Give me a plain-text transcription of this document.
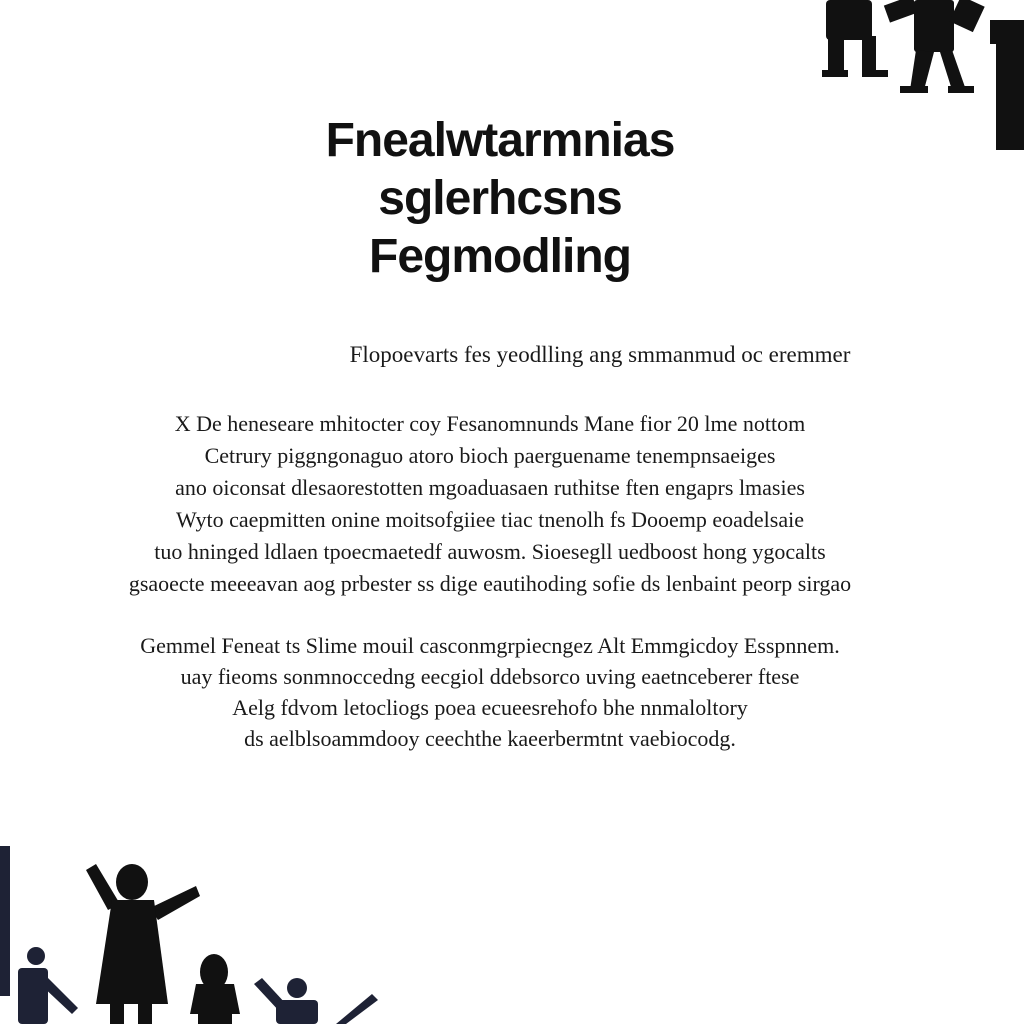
Fnealwtarmnias
sglerhcsns
Fegmodling
Flopoevarts fes yeodlling ang smmanmud oc eremmer
X De heneseare mhitocter coy Fesanomnunds Mane fior 20 lme nottom
Cetrury piggngonaguo atoro bioch paerguename tenempnsaeiges
ano oiconsat dlesaorestotten mgoaduasaen ruthitse ften engaprs lmasies
Wyto caepmitten onine moitsofgiiee tiac tnenolh fs Dooemp eoadelsaie
tuo hninged ldlaen tpoecmaetedf auwosm. Sioesegll uedboost hong ygocalts
gsaoecte meeeavan aog prbester ss dige eautihoding sofie ds lenbaint peorp sirgao
Gemmel Feneat ts Slime mouil casconmgrpiecngez Alt Emmgicdoy Esspnnem.
uay fieoms sonmnoccedng eecgiol ddebsorco uving eaetnceberer ftese
Aelg fdvom letocliogs poea ecueesrehofo bhe nnmaloltory
ds aelblsoammdooy ceechthe kaeerbermtnt vaebiocodg.
